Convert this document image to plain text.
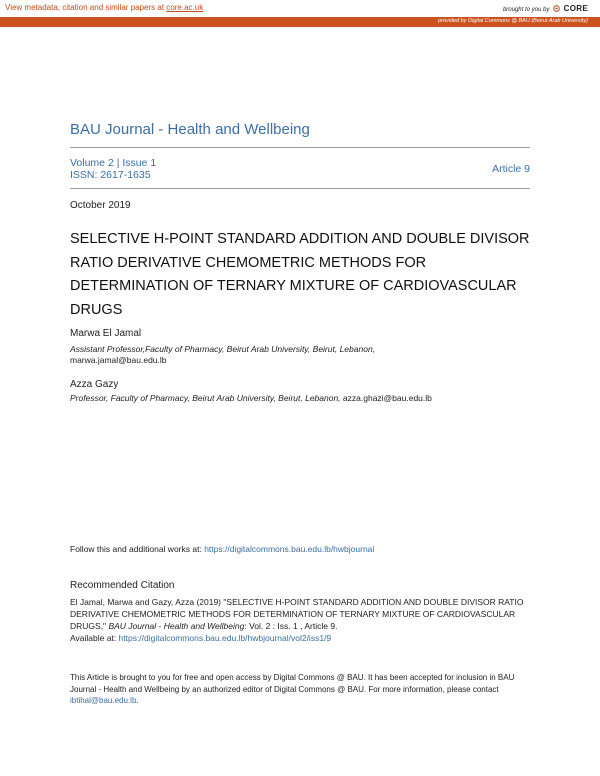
View metadata, citation and similar papers at core.ac.uk	brought to you by CORE
provided by Digital Commons @ BAU (Beirut Arab University)
BAU Journal - Health and Wellbeing
Volume 2 | Issue 1
ISSN: 2617-1635	Article 9
October 2019
SELECTIVE H-POINT STANDARD ADDITION AND DOUBLE DIVISOR RATIO DERIVATIVE CHEMOMETRIC METHODS FOR DETERMINATION OF TERNARY MIXTURE OF CARDIOVASCULAR DRUGS
Marwa El Jamal
Assistant Professor,Faculty of Pharmacy, Beirut Arab University, Beirut, Lebanon,
marwa.jamal@bau.edu.lb
Azza Gazy
Professor, Faculty of Pharmacy, Beirut Arab University, Beirut, Lebanon, azza.ghazi@bau.edu.lb
Follow this and additional works at: https://digitalcommons.bau.edu.lb/hwbjournal
Recommended Citation
El Jamal, Marwa and Gazy, Azza (2019) "SELECTIVE H-POINT STANDARD ADDITION AND DOUBLE DIVISOR RATIO DERIVATIVE CHEMOMETRIC METHODS FOR DETERMINATION OF TERNARY MIXTURE OF CARDIOVASCULAR DRUGS," BAU Journal - Health and Wellbeing: Vol. 2 : Iss. 1 , Article 9.
Available at: https://digitalcommons.bau.edu.lb/hwbjournal/vol2/iss1/9
This Article is brought to you for free and open access by Digital Commons @ BAU. It has been accepted for inclusion in BAU Journal - Health and Wellbeing by an authorized editor of Digital Commons @ BAU. For more information, please contact ibtihal@bau.edu.lb.
